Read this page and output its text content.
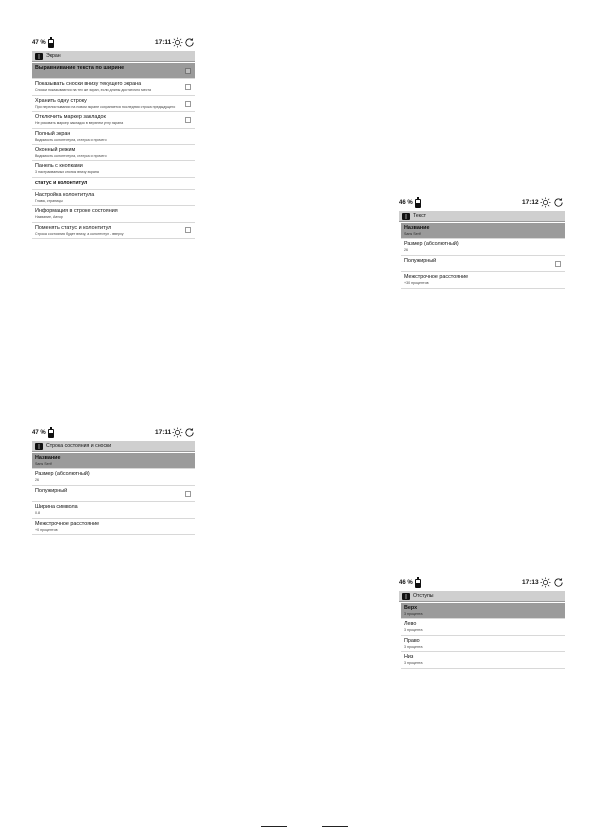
47 %	17:11
Экран
Выравнивание текста по ширине

Показывать сноски внизу текущего экрана
Сноски показываются на тех же экран, если длины достаточно места
Хранить одну строку
При перелистывании на новом экране сохраняется последняя строка предыдущего
Отключить маркер закладок
Не рисовать маркер закладок в верхнем углу экрана
Полный экран
Видимость колонтитула, статуса и прочего
Оконный режим
Видимость колонтитула, статуса и прочего
Панель с кнопками
3 настраиваемых кнопок внизу экрана
статус и колонтитул
Настройка колонтитула
Глава, страницы
Информация в строке состояния
Название, Автор
Поменять статус и колонтитул
Строка состояния будет внизу, а колонтитул - вверху
46 %	17:12
Текст
Название
Sans Serif
Размер (абсолютный)
26
Полужирный

Межстрочное расстояние
+30 процентов
47 %	17:11
Строка состояния и сноски
Название
Sans Serif
Размер (абсолютный)
26
Полужирный

Ширина символа
0.8
Межстрочное расстояние
+0 процентов
46 %	17:13
Отступы
Верх
3 процента
Лево
3 процента
Право
3 процента
Низ
3 процента
